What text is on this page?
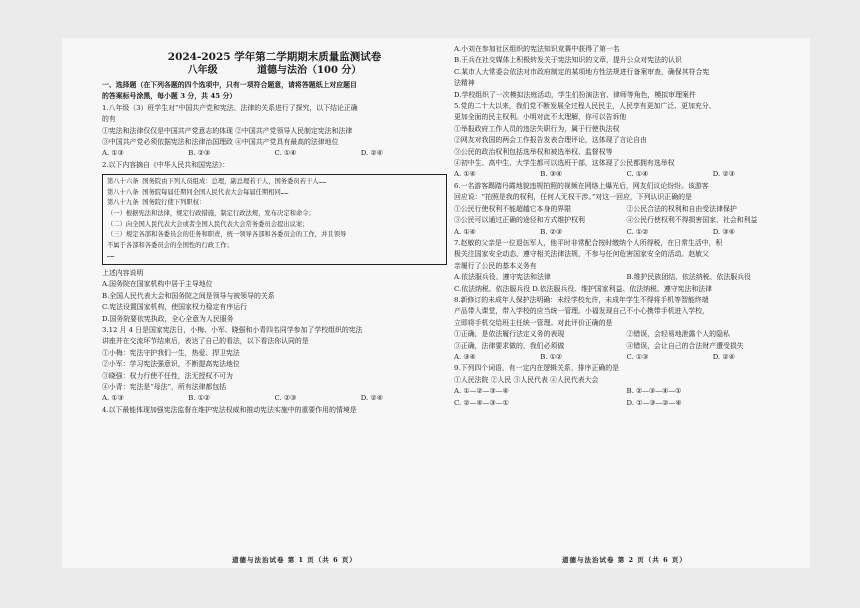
2024-2025 学年第二学期期末质量监测试卷
八年级	道德与法治（100 分）
一、选择题（在下列各题的四个选项中，只有一项符合题意，请将答题纸上对应题目
的答案标号涂黑，每小题 3 分，共 45 分）
1.八年级（3）班学生对“中国共产党和宪法、法律的关系进行了探究，以下结论正确
的有
①宪法和法律仅仅是中国共产党意志的体现 ②中国共产党领导人民制定宪法和法律
③中国共产党必须依据宪法和法律治国理政 ④中国共产党具有最高的法律地位
A. ①③	B. ②③	C. ①④	D. ②④
2.以下内容摘自《中华人民共和国宪法》：
第八十六条 国务院由下列人员组成：总理，副总理若干人，国务委员若干人……
第八十八条 国务院每届任期同全国人民代表大会每届任期相同……
第八十九条 国务院行使下列职权：
（一）根据宪法和法律，规定行政措施，制定行政法规，发布决定和命令；
（二）向全国人民代表大会或者全国人民代表大会常务委员会提出议案；
（三）规定各部和各委员会的任务和职责，统一领导各部和各委员会的工作，并且领导
不属于各部和各委员会的全国性的行政工作；
……
上述内容说明
A.国务院在国家机构中居于主导地位
B.全国人民代表大会和国务院之间是领导与被领导的关系
C.宪法设置国家机构，使国家权力稳定有序运行
D.国务院要依宪执政，全心全意为人民服务
3.12 月 4 日是国家宪法日，小梅、小军、晓强和小青四名同学参加了学校组织的宪法
讲座并在交流环节结束后，表达了自己的看法，以下看法你认同的是
①小梅：宪法守护我们一生，热爱、捍卫宪法
②小军：学习宪法强意识，不断提高宪法地位
③晓强：权力行使不任性，法无授权不可为
④小青：宪法是“母法”，所有法律都包括
A. ①③	B. ①②	C. ②③	D. ②④
4.以下最能体现加强宪法监督在维护宪法权威和推动宪法实施中的重要作用的情境是
A.小刘在参加社区组织的宪法知识竞赛中获得了第一名
B.王兵在社交媒体上积极转发关于宪法知识的文章，提升公众对宪法的认识
C.某市人大常委会依法对市政府制定的某项地方性法规进行备案审查，确保其符合宪
法精神
D.学校组织了一次模拟法庭活动，学生们扮演法官、律师等角色，模拟审理案件
5.党的二十大以来，我们党不断发展全过程人民民主，人民享有更加广泛、更加充分、
更加全面的民主权利。小明对此不太理解，你可以告诉他
①举报政府工作人员的违法失职行为，属于行使执法权
②网友对我国的两会工作报告发表合理评论，这体现了言论自由
③公民的政治权利包括选举权和被选举权、监督权等
④初中生、高中生、大学生都可以选班干部，这体现了公民都拥有选举权
A. ①④	B. ③④	C. ①④	D. ②③
6.一名游客踢踏丹霞地貌违规拍照的视频在网络上爆光后，网友们议论纷纷。该游客
回应说：“拍照是我的权利，任何人无权干涉。”对这一回应，下列认识正确的是
①公民行使权利不能超越它本身的界限	②公民合法的权利和自由受法律保护
③公民可以通过正确的途径和方式维护权利	④公民行使权利不得损害国家、社会和利益
A. ①④	B. ②③	C. ①②	D. ③④
7.赵敏的父亲是一位退伍军人，他平时非常配合按时缴纳个人所得税，在日常生活中，积
极关注国家安全动态，遵守相关法律法规，不参与任何危害国家安全的活动。赵敏父
亲履行了公民的基本义务有
A.依法服兵役、遵守宪法和法律	B.维护民族团结、依法纳税、依法服兵役
C.依法纳税、依法服兵役 D.依法服兵役、维护国家利益、依法纳税、遵守宪法和法律
8.新修订的未成年人保护法明确：未经学校允许，未成年学生不得将手机等智能终端
产品带入课堂，带入学校的应当统一管理。小福发现自己不小心携带手机进入学校，
立即将手机交给班主任统一管理。对此评价正确的是
①正确，是依法履行法定义务的表现	②错误，会轻易地泄露个人的隐私
③正确，法律要求做的，我们必须做	④错误，会让自己的合法财产遭受损失
A. ③④	B. ①②	C. ①③	D. ②④
9.下列四个词语，有一定内在逻辑关系，排序正确的是
①人民法院 ②人民 ③人民代表 ④人民代表大会
A. ①—②—③—④	B. ②—③—④—①
C. ②—④—③—①	D. ①—③—②—④
道德与法治试卷 第 1 页（共 6 页）	道德与法治试卷 第 2 页（共 6 页）
